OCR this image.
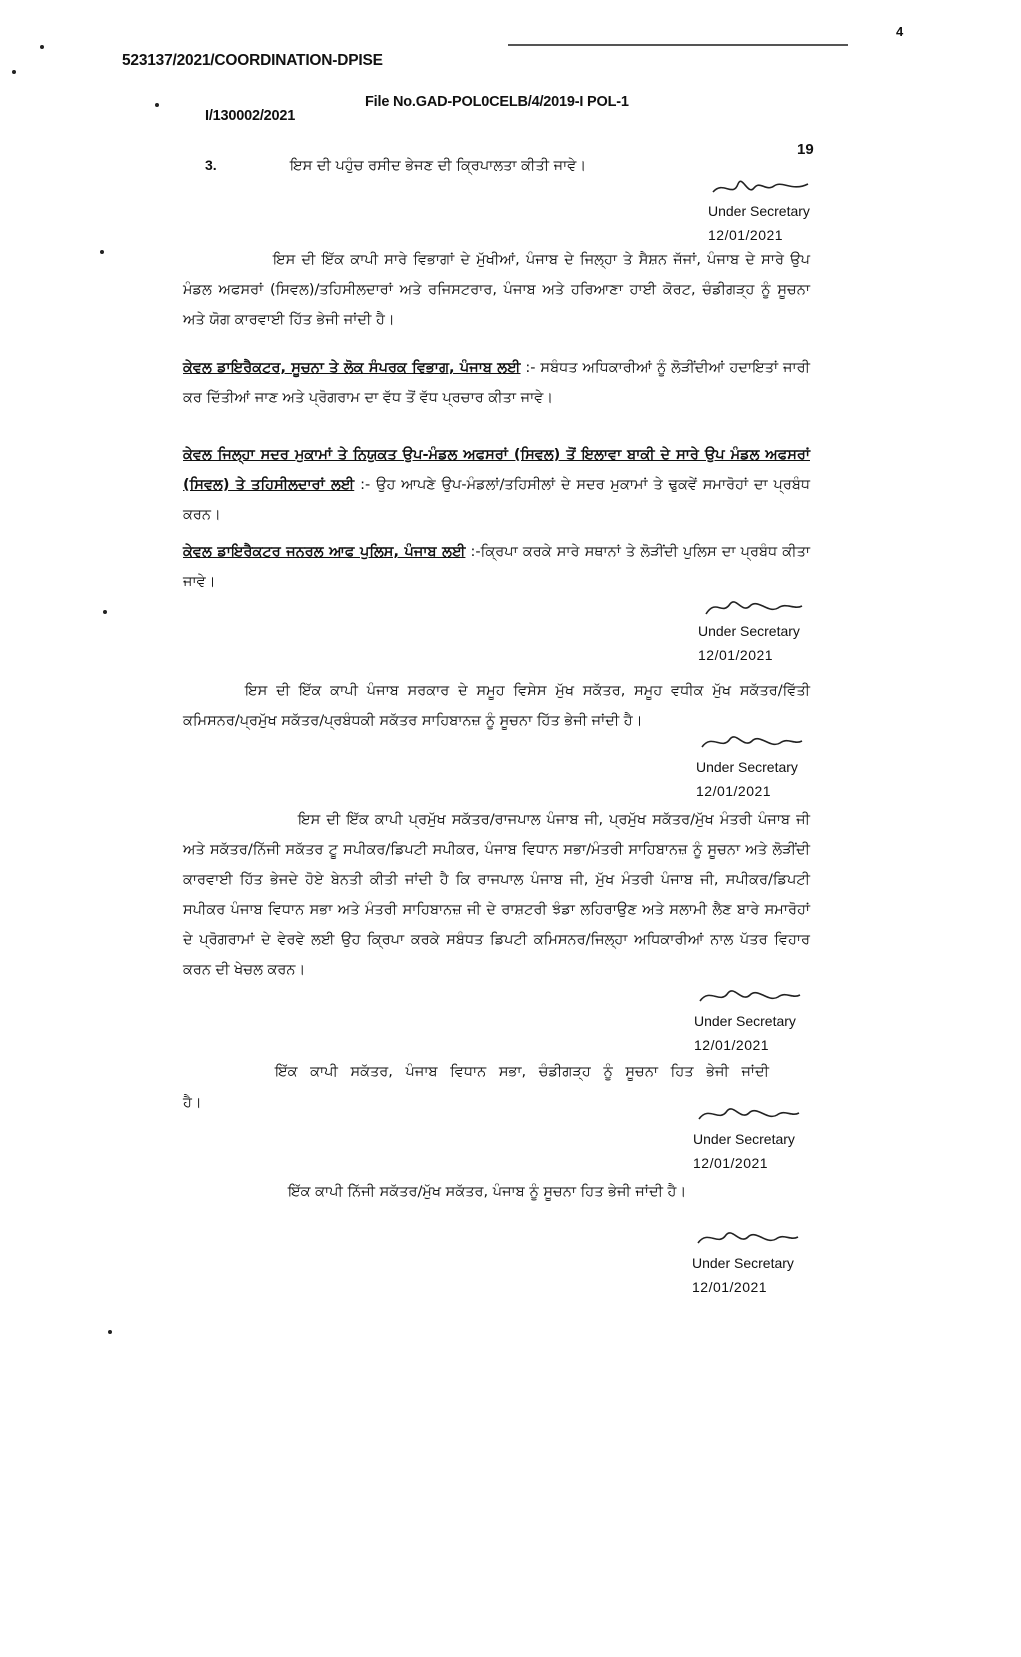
4
523137/2021/COORDINATION-DPISE
File No.GAD-POL0CELB/4/2019-I POL-1
I/130002/2021
19
3.	ਇਸ ਦੀ ਪਹੁੰਚ ਰਸੀਦ ਭੇਜਣ ਦੀ ਕ੍ਰਿਪਾਲਤਾ ਕੀਤੀ ਜਾਵੇ।
Under Secretary
12/01/2021
ਇਸ ਦੀ ਇੱਕ ਕਾਪੀ ਸਾਰੇ ਵਿਭਾਗਾਂ ਦੇ ਮੁੱਖੀਆਂ, ਪੰਜਾਬ ਦੇ ਜਿਲ੍ਹਾ ਤੇ ਸੈਸ਼ਨ ਜੱਜਾਂ, ਪੰਜਾਬ ਦੇ ਸਾਰੇ ਉਪ ਮੰਡਲ ਅਫਸਰਾਂ (ਸਿਵਲ)/ਤਹਿਸੀਲਦਾਰਾਂ ਅਤੇ ਰਜਿਸਟਰਾਰ, ਪੰਜਾਬ ਅਤੇ ਹਰਿਆਣਾ ਹਾਈ ਕੋਰਟ, ਚੰਡੀਗੜ੍ਹ ਨੂੰ ਸੂਚਨਾ ਅਤੇ ਯੋਗ ਕਾਰਵਾਈ ਹਿੱਤ ਭੇਜੀ ਜਾਂਦੀ ਹੈ।
ਕੇਵਲ ਡਾਇਰੈਕਟਰ, ਸੂਚਨਾ ਤੇ ਲੋਕ ਸੰਪਰਕ ਵਿਭਾਗ, ਪੰਜਾਬ ਲਈ :- ਸਬੰਧਤ ਅਧਿਕਾਰੀਆਂ ਨੂੰ ਲੋੜੀਂਦੀਆਂ ਹਦਾਇਤਾਂ ਜਾਰੀ ਕਰ ਦਿੱਤੀਆਂ ਜਾਣ ਅਤੇ ਪ੍ਰੋਗਰਾਮ ਦਾ ਵੱਧ ਤੋਂ ਵੱਧ ਪ੍ਰਚਾਰ ਕੀਤਾ ਜਾਵੇ।
ਕੇਵਲ ਜਿਲ੍ਹਾ ਸਦਰ ਮੁਕਾਮਾਂ ਤੇ ਨਿਯੁਕਤ ਉਪ-ਮੰਡਲ ਅਫਸਰਾਂ (ਸਿਵਲ) ਤੋਂ ਇਲਾਵਾ ਬਾਕੀ ਦੇ ਸਾਰੇ ਉਪ ਮੰਡਲ ਅਫਸਰਾਂ (ਸਿਵਲ) ਤੇ ਤਹਿਸੀਲਦਾਰਾਂ ਲਈ :- ਉਹ ਆਪਣੇ ਉਪ-ਮੰਡਲਾਂ/ਤਹਿਸੀਲਾਂ ਦੇ ਸਦਰ ਮੁਕਾਮਾਂ ਤੇ ਢੁਕਵੇਂ ਸਮਾਰੋਹਾਂ ਦਾ ਪ੍ਰਬੰਧ ਕਰਨ।
ਕੇਵਲ ਡਾਇਰੈਕਟਰ ਜਨਰਲ ਆਫ ਪੁਲਿਸ, ਪੰਜਾਬ ਲਈ :-ਕ੍ਰਿਪਾ ਕਰਕੇ ਸਾਰੇ ਸਥਾਨਾਂ ਤੇ ਲੋੜੀਂਦੀ ਪੁਲਿਸ ਦਾ ਪ੍ਰਬੰਧ ਕੀਤਾ ਜਾਵੇ।
Under Secretary
12/01/2021
ਇਸ ਦੀ ਇੱਕ ਕਾਪੀ ਪੰਜਾਬ ਸਰਕਾਰ ਦੇ ਸਮੂਹ ਵਿਸੇਸ ਮੁੱਖ ਸਕੱਤਰ, ਸਮੂਹ ਵਧੀਕ ਮੁੱਖ ਸਕੱਤਰ/ਵਿੱਤੀ ਕਮਿਸਨਰ/ਪ੍ਰਮੁੱਖ ਸਕੱਤਰ/ਪ੍ਰਬੰਧਕੀ ਸਕੱਤਰ ਸਾਹਿਬਾਨਜ਼ ਨੂੰ ਸੂਚਨਾ ਹਿੱਤ ਭੇਜੀ ਜਾਂਦੀ ਹੈ।
Under Secretary
12/01/2021
ਇਸ ਦੀ ਇੱਕ ਕਾਪੀ ਪ੍ਰਮੁੱਖ ਸਕੱਤਰ/ਰਾਜਪਾਲ ਪੰਜਾਬ ਜੀ, ਪ੍ਰਮੁੱਖ ਸਕੱਤਰ/ਮੁੱਖ ਮੰਤਰੀ ਪੰਜਾਬ ਜੀ ਅਤੇ ਸਕੱਤਰ/ਨਿੱਜੀ ਸਕੱਤਰ ਟੂ ਸਪੀਕਰ/ਡਿਪਟੀ ਸਪੀਕਰ, ਪੰਜਾਬ ਵਿਧਾਨ ਸਭਾ/ਮੰਤਰੀ ਸਾਹਿਬਾਨਜ਼ ਨੂੰ ਸੂਚਨਾ ਅਤੇ ਲੋੜੀਂਦੀ ਕਾਰਵਾਈ ਹਿੱਤ ਭੇਜਦੇ ਹੋਏ ਬੇਨਤੀ ਕੀਤੀ ਜਾਂਦੀ ਹੈ ਕਿ ਰਾਜਪਾਲ ਪੰਜਾਬ ਜੀ, ਮੁੱਖ ਮੰਤਰੀ ਪੰਜਾਬ ਜੀ, ਸਪੀਕਰ/ਡਿਪਟੀ ਸਪੀਕਰ ਪੰਜਾਬ ਵਿਧਾਨ ਸਭਾ ਅਤੇ ਮੰਤਰੀ ਸਾਹਿਬਾਨਜ਼ ਜੀ ਦੇ ਰਾਸ਼ਟਰੀ ਝੰਡਾ ਲਹਿਰਾਉਣ ਅਤੇ ਸਲਾਮੀ ਲੈਣ ਬਾਰੇ ਸਮਾਰੋਹਾਂ ਦੇ ਪ੍ਰੋਗਰਾਮਾਂ ਦੇ ਵੇਰਵੇ ਲਈ ਉਹ ਕ੍ਰਿਪਾ ਕਰਕੇ ਸਬੰਧਤ ਡਿਪਟੀ ਕਮਿਸਨਰ/ਜਿਲ੍ਹਾ ਅਧਿਕਾਰੀਆਂ ਨਾਲ ਪੱਤਰ ਵਿਹਾਰ ਕਰਨ ਦੀ ਖੇਚਲ ਕਰਨ।
Under Secretary
12/01/2021
ਇੱਕ ਕਾਪੀ ਸਕੱਤਰ, ਪੰਜਾਬ ਵਿਧਾਨ ਸਭਾ, ਚੰਡੀਗੜ੍ਹ ਨੂੰ ਸੂਚਨਾ ਹਿਤ ਭੇਜੀ ਜਾਂਦੀ
ਹੈ।
Under Secretary
12/01/2021
ਇੱਕ ਕਾਪੀ ਨਿੱਜੀ ਸਕੱਤਰ/ਮੁੱਖ ਸਕੱਤਰ, ਪੰਜਾਬ ਨੂੰ ਸੂਚਨਾ ਹਿਤ ਭੇਜੀ ਜਾਂਦੀ ਹੈ।
Under Secretary
12/01/2021
